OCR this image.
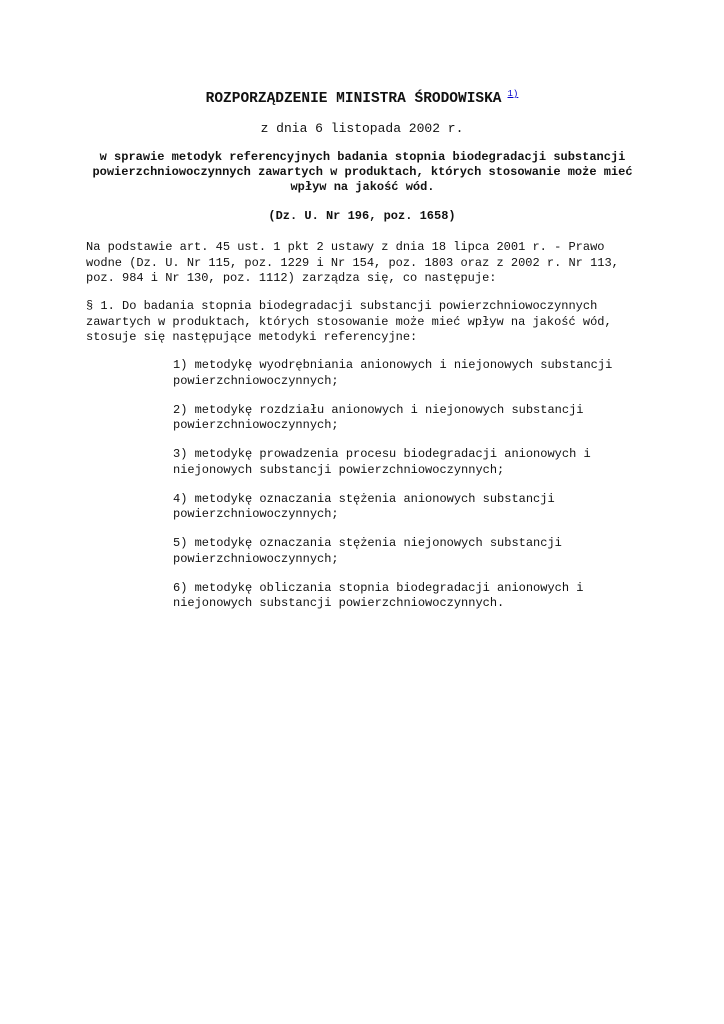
ROZPORZĄDZENIE MINISTRA ŚRODOWISKA $^{1)}$
z dnia 6 listopada 2002 r.
w sprawie metodyk referencyjnych badania stopnia biodegradacji substancji powierzchniowoczynnych zawartych w produktach, których stosowanie może mieć wpływ na jakość wód.
(Dz. U. Nr 196, poz. 1658)
Na podstawie art. 45 ust. 1 pkt 2 ustawy z dnia 18 lipca 2001 r. - Prawo wodne (Dz. U. Nr 115, poz. 1229 i Nr 154, poz. 1803 oraz z 2002 r. Nr 113, poz. 984 i Nr 130, poz. 1112) zarządza się, co następuje:
§ 1. Do badania stopnia biodegradacji substancji powierzchniowoczynnych zawartych w produktach, których stosowanie może mieć wpływ na jakość wód, stosuje się następujące metodyki referencyjne:
1) metodykę wyodrębniania anionowych i niejonowych substancji powierzchniowoczynnych;
2) metodykę rozdziału anionowych i niejonowych substancji powierzchniowoczynnych;
3) metodykę prowadzenia procesu biodegradacji anionowych i niejonowych substancji powierzchniowoczynnych;
4) metodykę oznaczania stężenia anionowych substancji powierzchniowoczynnych;
5) metodykę oznaczania stężenia niejonowych substancji powierzchniowoczynnych;
6) metodykę obliczania stopnia biodegradacji anionowych i niejonowych substancji powierzchniowoczynnych.
